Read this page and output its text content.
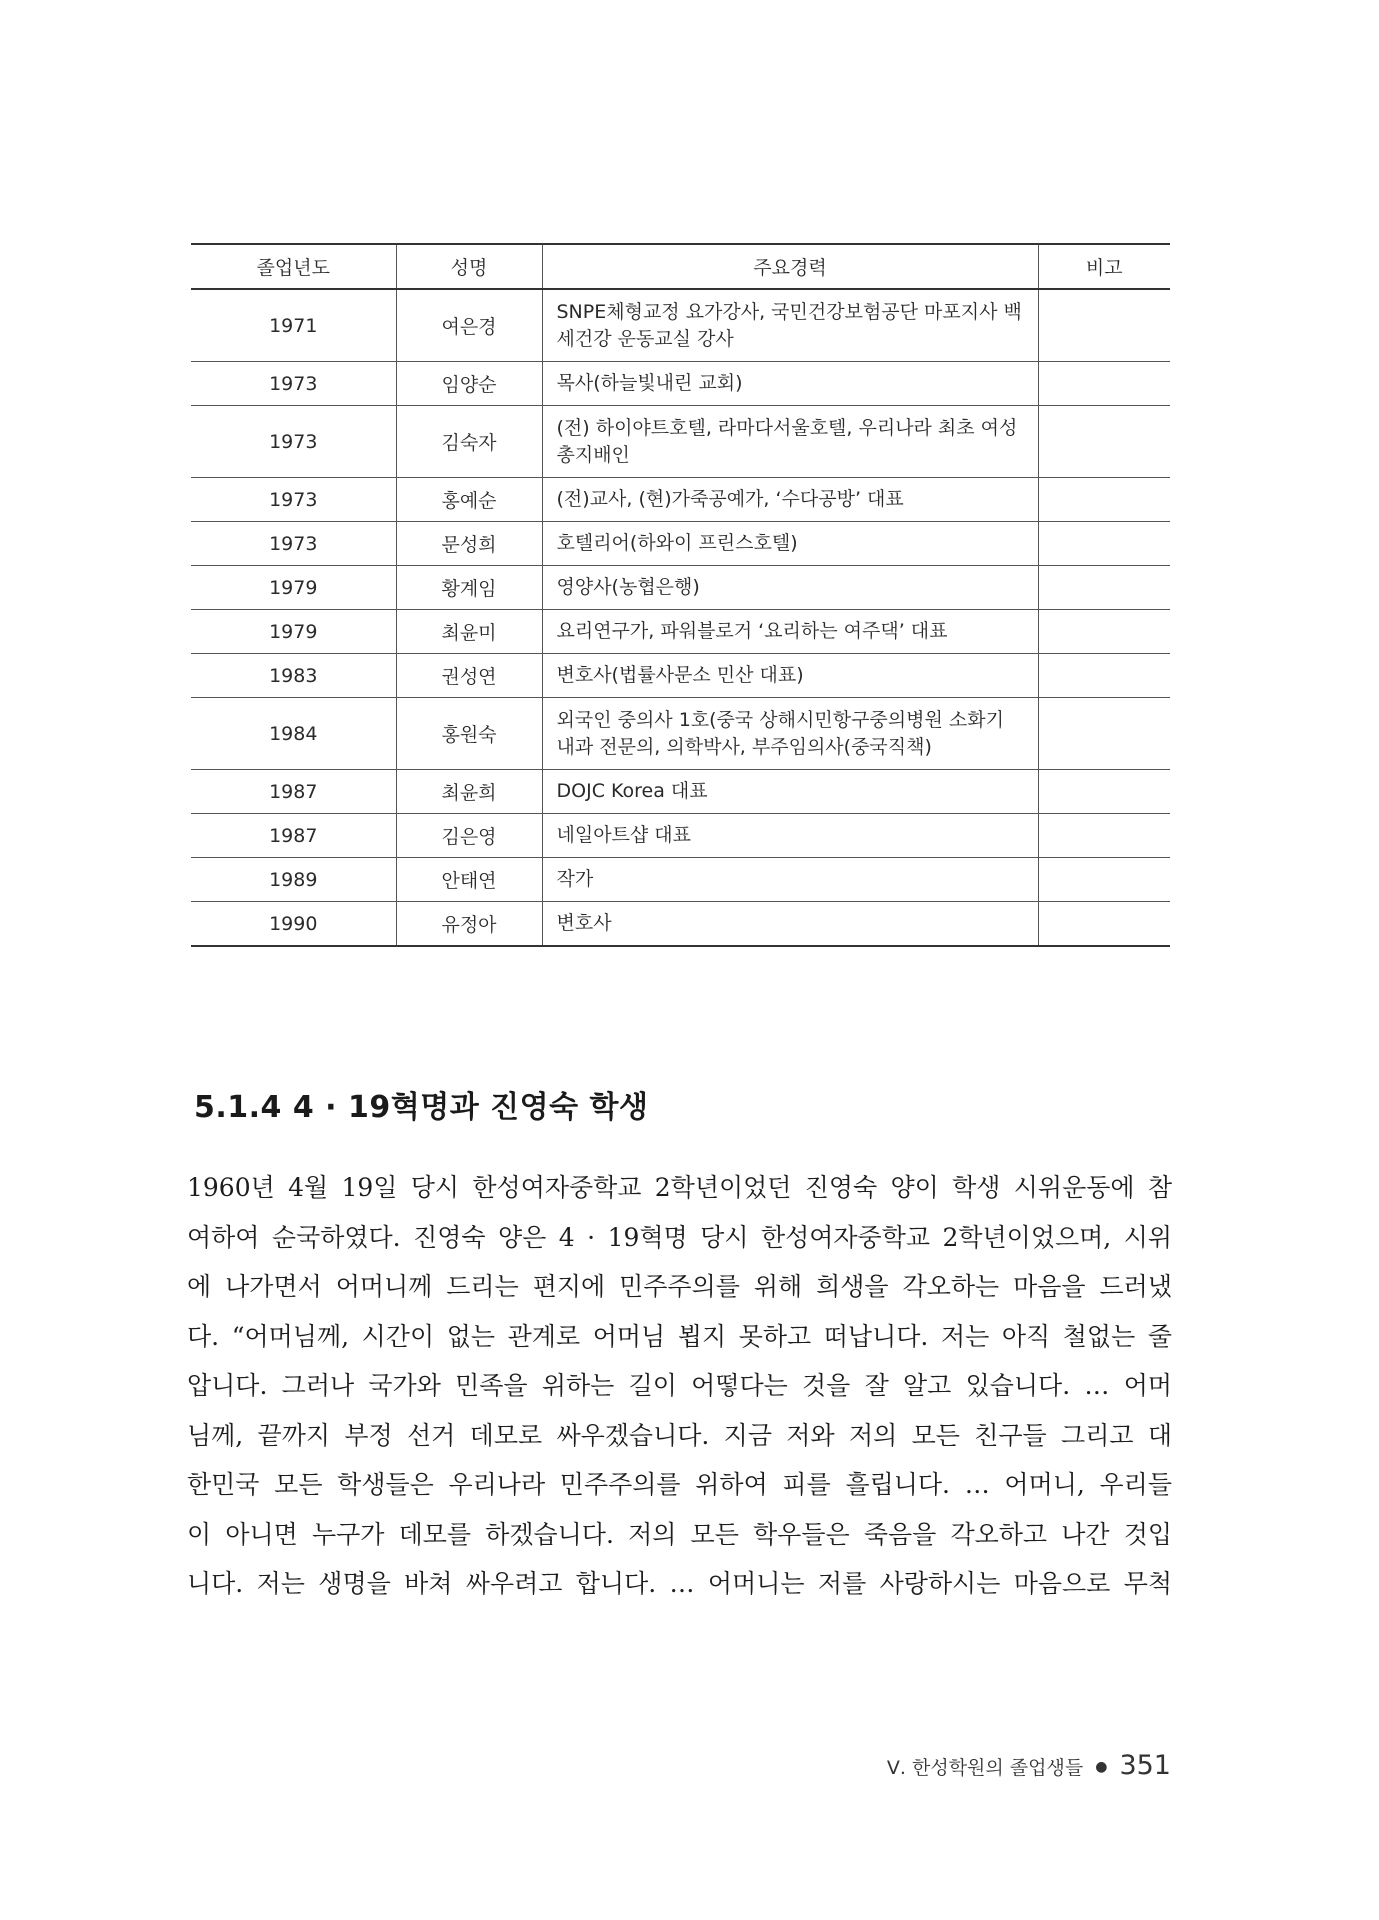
졸업년도	성명	주요경력	비고
1971	여은경	SNPE체형교정 요가강사, 국민건강보험공단 마포지사 백세건강 운동교실 강사	
1973	임양순	목사(하늘빛내린 교회)	
1973	김숙자	(전) 하이야트호텔, 라마다서울호텔, 우리나라 최초 여성 총지배인	
1973	홍예순	(전)교사, (현)가죽공예가, ‘수다공방’ 대표	
1973	문성희	호텔리어(하와이 프린스호텔)	
1979	황계임	영양사(농협은행)	
1979	최윤미	요리연구가, 파워블로거 ‘요리하는 여주댁’ 대표	
1983	권성연	변호사(법률사문소 민산 대표)	
1984	홍원숙	외국인 중의사 1호(중국 상해시민항구중의병원 소화기 내과 전문의, 의학박사, 부주임의사(중국직책)	
1987	최윤희	DOJC Korea 대표	
1987	김은영	네일아트샵 대표	
1989	안태연	작가	
1990	유정아	변호사	
5.1.4 4 · 19혁명과 진영숙 학생

1960년 4월 19일 당시 한성여자중학교 2학년이었던 진영숙 양이 학생 시위운동에 참
여하여 순국하였다. 진영숙 양은 4 · 19혁명 당시 한성여자중학교 2학년이었으며, 시위
에 나가면서 어머니께 드리는 편지에 민주주의를 위해 희생을 각오하는 마음을 드러냈
다. “어머님께, 시간이 없는 관계로 어머님 뵙지 못하고 떠납니다. 저는 아직 철없는 줄
압니다. 그러나 국가와 민족을 위하는 길이 어떻다는 것을 잘 알고 있습니다. … 어머
님께, 끝까지 부정 선거 데모로 싸우겠습니다. 지금 저와 저의 모든 친구들 그리고 대
한민국 모든 학생들은 우리나라 민주주의를 위하여 피를 흘립니다. … 어머니, 우리들
이 아니면 누구가 데모를 하겠습니다. 저의 모든 학우들은 죽음을 각오하고 나간 것입
니다. 저는 생명을 바쳐 싸우려고 합니다. … 어머니는 저를 사랑하시는 마음으로 무척

Ⅴ. 한성학원의 졸업생들 ● 351
